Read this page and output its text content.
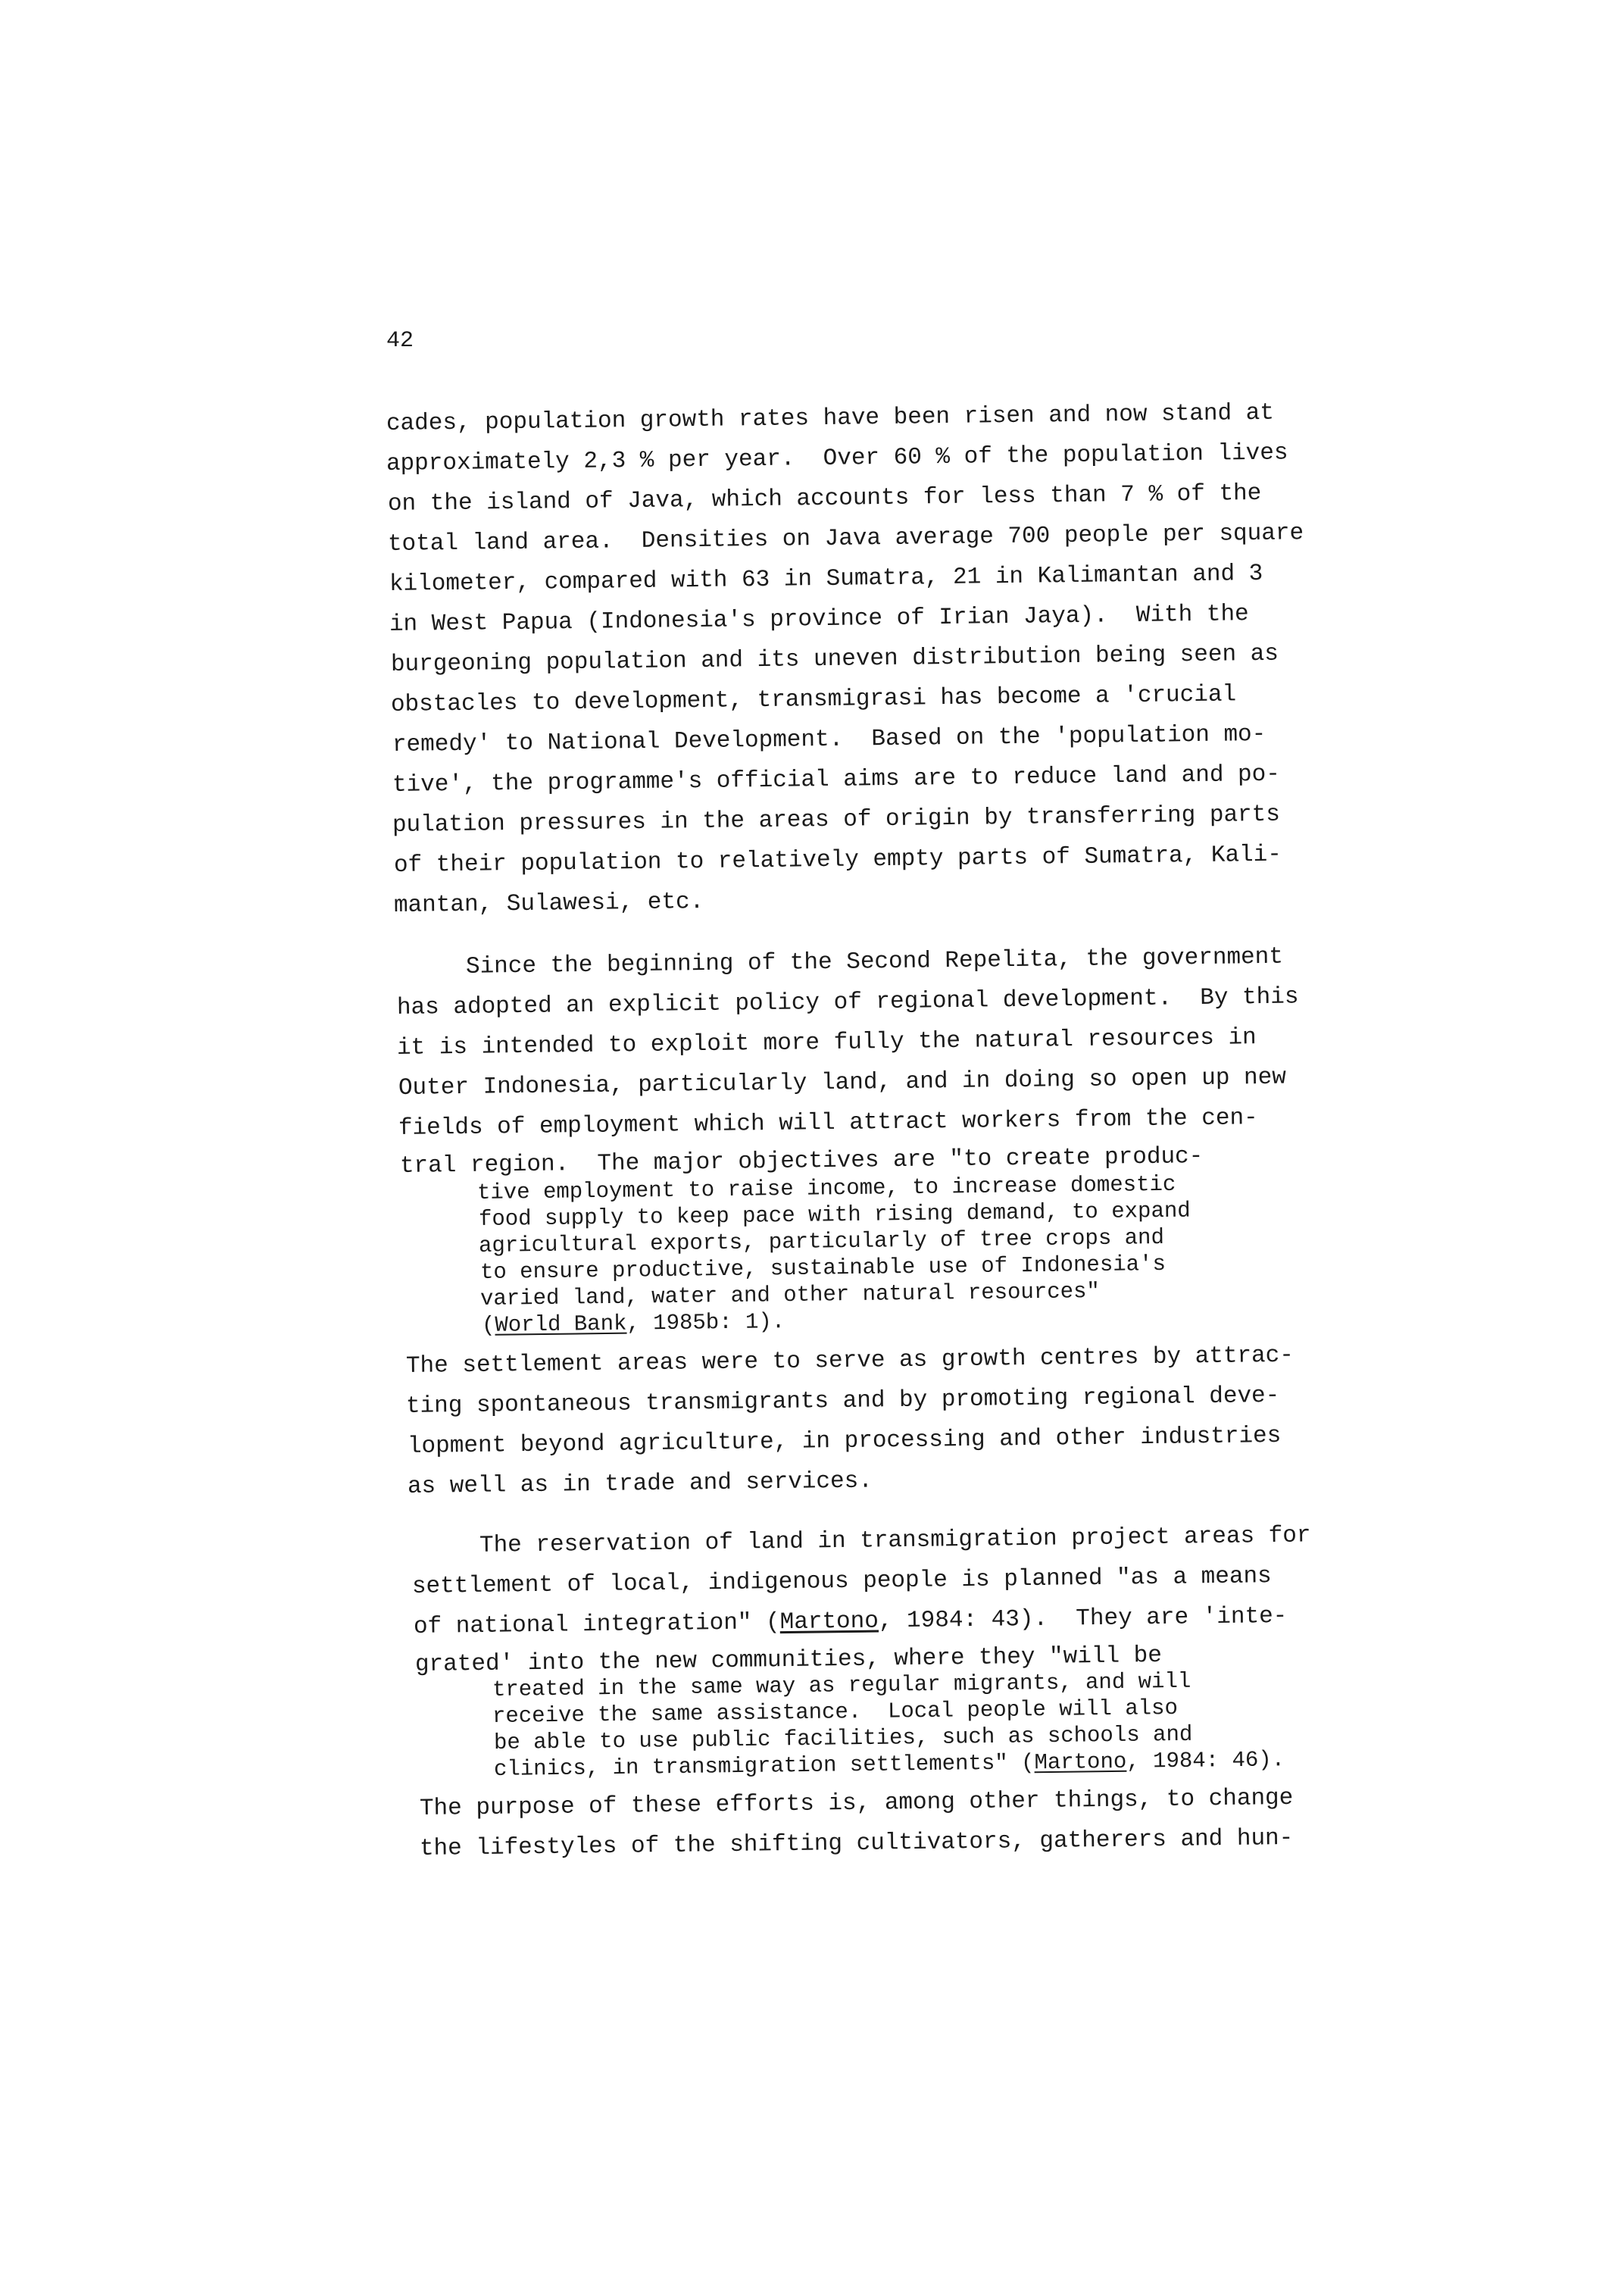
42
cades, population growth rates have been risen and now stand at
approximately 2,3 % per year.  Over 60 % of the population lives
on the island of Java, which accounts for less than 7 % of the
total land area.  Densities on Java average 700 people per square
kilometer, compared with 63 in Sumatra, 21 in Kalimantan and 3
in West Papua (Indonesia's province of Irian Jaya).  With the
burgeoning population and its uneven distribution being seen as
obstacles to development, transmigrasi has become a 'crucial
remedy' to National Development.  Based on the 'population mo-
tive', the programme's official aims are to reduce land and po-
pulation pressures in the areas of origin by transferring parts
of their population to relatively empty parts of Sumatra, Kali-
mantan, Sulawesi, etc.
Since the beginning of the Second Repelita, the government
has adopted an explicit policy of regional development.  By this
it is intended to exploit more fully the natural resources in
Outer Indonesia, particularly land, and in doing so open up new
fields of employment which will attract workers from the cen-
tral region.  The major objectives are "to create produc-
tive employment to raise income, to increase domestic
food supply to keep pace with rising demand, to expand
agricultural exports, particularly of tree crops and
to ensure productive, sustainable use of Indonesia's
varied land, water and other natural resources"
(World Bank, 1985b: 1).
The settlement areas were to serve as growth centres by attrac-
ting spontaneous transmigrants and by promoting regional deve-
lopment beyond agriculture, in processing and other industries
as well as in trade and services.
The reservation of land in transmigration project areas for
settlement of local, indigenous people is planned "as a means
of national integration" (Martono, 1984: 43).  They are 'inte-
grated' into the new communities, where they "will be
treated in the same way as regular migrants, and will
receive the same assistance.  Local people will also
be able to use public facilities, such as schools and
clinics, in transmigration settlements" (Martono, 1984: 46).
The purpose of these efforts is, among other things, to change
the lifestyles of the shifting cultivators, gatherers and hun-
